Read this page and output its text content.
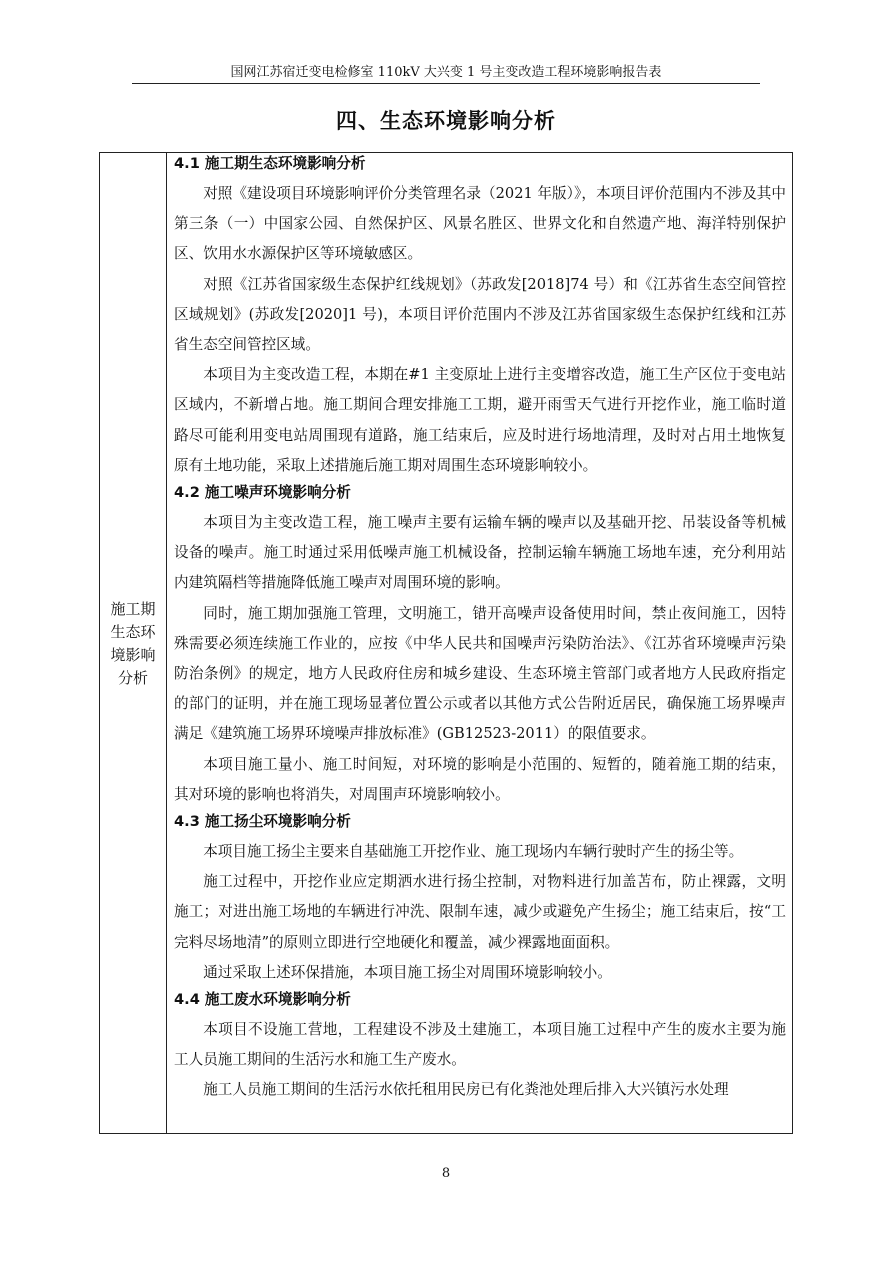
国网江苏宿迁变电检修室 110kV 大兴变 1 号主变改造工程环境影响报告表
四、生态环境影响分析
施工期
生态环
境影响
分析
4.1 施工期生态环境影响分析

对照《建设项目环境影响评价分类管理名录（2021 年版）》，本项目评价范围内不涉及其中第三条（一）中国家公园、自然保护区、风景名胜区、世界文化和自然遗产地、海洋特别保护区、饮用水水源保护区等环境敏感区。

对照《江苏省国家级生态保护红线规划》（苏政发[2018]74 号）和《江苏省生态空间管控区域规划》(苏政发[2020]1 号)，本项目评价范围内不涉及江苏省国家级生态保护红线和江苏省生态空间管控区域。

本项目为主变改造工程，本期在#1 主变原址上进行主变增容改造，施工生产区位于变电站区域内，不新增占地。施工期间合理安排施工工期，避开雨雪天气进行开挖作业，施工临时道路尽可能利用变电站周围现有道路，施工结束后，应及时进行场地清理，及时对占用土地恢复原有土地功能，采取上述措施后施工期对周围生态环境影响较小。

4.2 施工噪声环境影响分析

本项目为主变改造工程，施工噪声主要有运输车辆的噪声以及基础开挖、吊装设备等机械设备的噪声。施工时通过采用低噪声施工机械设备，控制运输车辆施工场地车速，充分利用站内建筑隔档等措施降低施工噪声对周围环境的影响。

同时，施工期加强施工管理，文明施工，错开高噪声设备使用时间，禁止夜间施工，因特殊需要必须连续施工作业的，应按《中华人民共和国噪声污染防治法》、《江苏省环境噪声污染防治条例》的规定，地方人民政府住房和城乡建设、生态环境主管部门或者地方人民政府指定的部门的证明，并在施工现场显著位置公示或者以其他方式公告附近居民，确保施工场界噪声满足《建筑施工场界环境噪声排放标准》(GB12523-2011）的限值要求。

本项目施工量小、施工时间短，对环境的影响是小范围的、短暂的，随着施工期的结束，其对环境的影响也将消失，对周围声环境影响较小。

4.3 施工扬尘环境影响分析

本项目施工扬尘主要来自基础施工开挖作业、施工现场内车辆行驶时产生的扬尘等。

施工过程中，开挖作业应定期洒水进行扬尘控制，对物料进行加盖苫布，防止裸露，文明施工；对进出施工场地的车辆进行冲洗、限制车速，减少或避免产生扬尘；施工结束后，按“工完料尽场地清”的原则立即进行空地硬化和覆盖，减少裸露地面面积。

通过采取上述环保措施，本项目施工扬尘对周围环境影响较小。

4.4 施工废水环境影响分析

本项目不设施工营地，工程建设不涉及土建施工，本项目施工过程中产生的废水主要为施工人员施工期间的生活污水和施工生产废水。

施工人员施工期间的生活污水依托租用民房已有化粪池处理后排入大兴镇污水处理

8
